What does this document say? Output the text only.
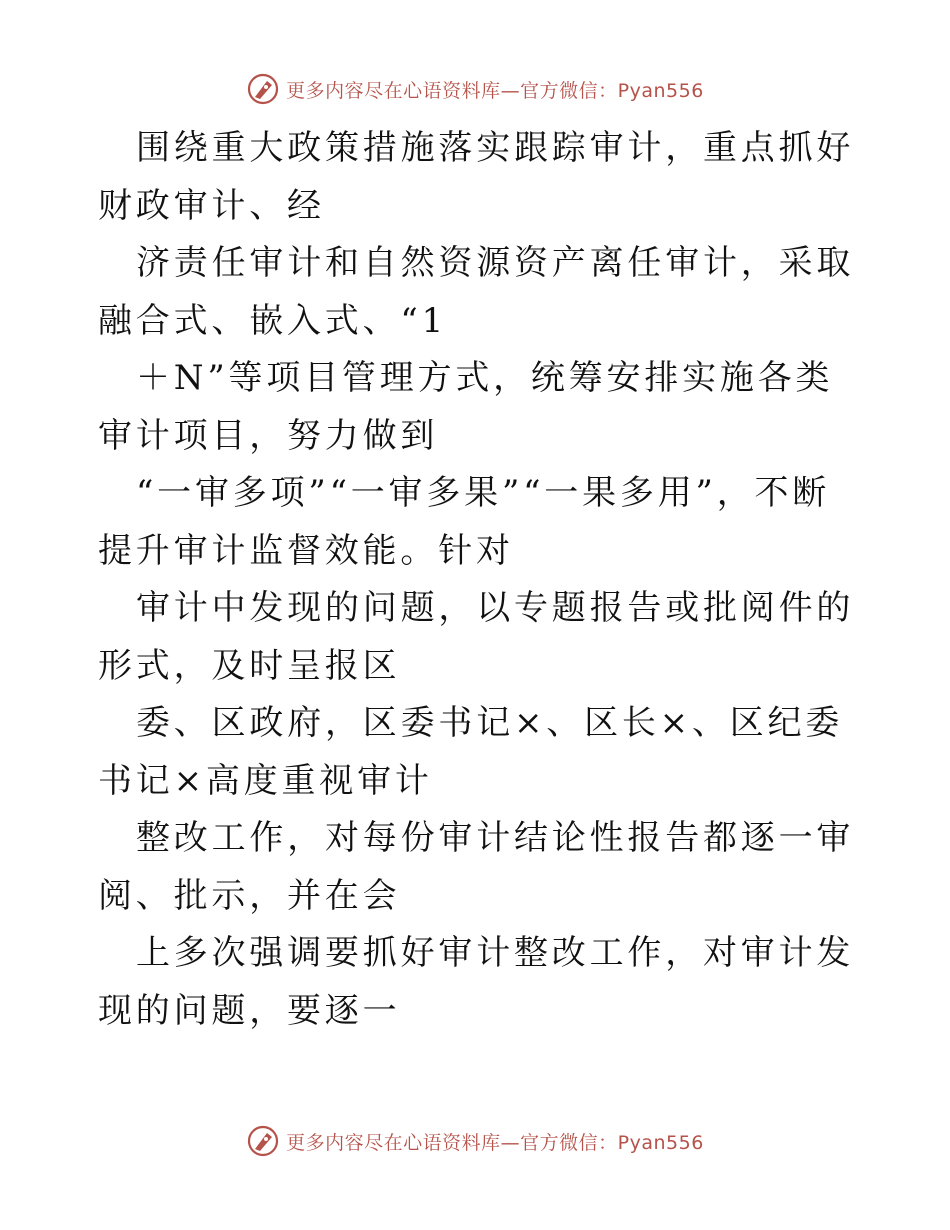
更多内容尽在心语资料库—官方微信：Pyan556

围绕重大政策措施落实跟踪审计，重点抓好财政审计、经

济责任审计和自然资源资产离任审计，采取融合式、嵌入式、“1

＋N”等项目管理方式，统筹安排实施各类审计项目，努力做到

“一审多项”“一审多果”“一果多用”，不断提升审计监督效能。针对

审计中发现的问题，以专题报告或批阅件的形式，及时呈报区

委、区政府，区委书记×、区长×、区纪委书记×高度重视审计

整改工作，对每份审计结论性报告都逐一审阅、批示，并在会

上多次强调要抓好审计整改工作，对审计发现的问题，要逐一

更多内容尽在心语资料库—官方微信：Pyan556
